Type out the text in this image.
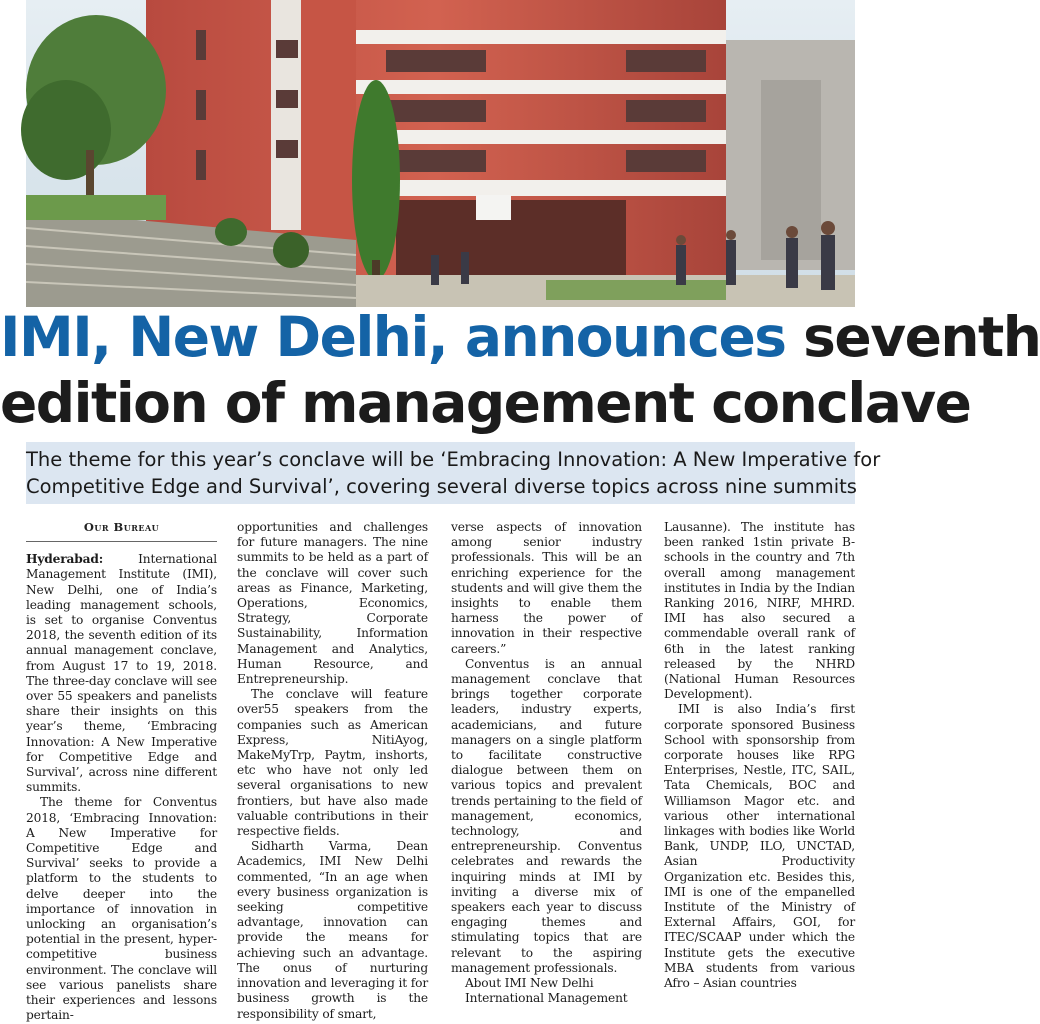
IMI, New Delhi, announces seventh
edition of management conclave
The theme for this year’s conclave will be ‘Embracing Innovation: A New Imperative for
Competitive Edge and Survival’, covering several diverse topics across nine summits
Our Bureau

Hyderabad:	International Management Institute (IMI), New Delhi, one of India’s leading management schools, is set to organise Conventus 2018, the seventh edition of its annual management conclave, from August 17 to 19, 2018. The three-day conclave will see over 55 speakers and panelists share their insights on this year’s theme, ‘Embracing Innovation: A New Imperative for Competitive Edge and Survival’, across nine different summits.

The theme for Conventus 2018, ‘Embracing Innovation: A New Imperative for Competitive Edge and Survival’ seeks to provide a platform to the students to delve deeper into the importance of innovation in unlocking an organisation’s potential in the present, hyper-competitive business environment. The conclave will see various panelists share their experiences and lessons pertain-

opportunities and challenges for future managers. The nine summits to be held as a part of the conclave will cover such areas as Finance, Marketing, Operations, Economics, Strategy, Corporate Sustainability, Information Management and Analytics, Human Resource, and Entrepreneurship.

The conclave will feature over55 speakers from the companies such as American Express, NitiAyog, MakeMyTrp, Paytm, inshorts, etc who have not only led several organisations to new frontiers, but have also made valuable contributions in their respective fields.

Sidharth Varma, Dean Academics, IMI New Delhi commented, “In an age when every business organization is seeking competitive advantage, innovation can provide the means for achieving such an advantage. The onus of nurturing innovation and leveraging it for business growth is the responsibility of smart,

verse aspects of innovation among senior industry professionals. This will be an enriching experience for the students and will give them the insights to enable them harness the power of innovation in their respective careers.”

Conventus is an annual management conclave that brings together corporate leaders, industry experts, academicians, and future managers on a single platform to facilitate constructive dialogue between them on various topics and prevalent trends pertaining to the field of management, economics, technology, and entrepreneurship. Conventus celebrates and rewards the inquiring minds at IMI by inviting a diverse mix of speakers each year to discuss engaging themes and stimulating topics that are relevant to the aspiring management professionals.

About IMI New Delhi

International Management

Lausanne). The institute has been ranked 1stin private B-schools in the country and 7th overall among management institutes in India by the Indian Ranking 2016, NIRF, MHRD. IMI has also secured a commendable overall rank of 6th in the latest ranking released by the NHRD (National Human Resources Development).

IMI is also India’s first corporate sponsored Business School with sponsorship from corporate houses like RPG Enterprises, Nestle, ITC, SAIL, Tata Chemicals, BOC and Williamson Magor etc. and various other international linkages with bodies like World Bank, UNDP, ILO, UNCTAD, Asian Productivity Organization etc. Besides this, IMI is one of the empanelled Institute of the Ministry of External Affairs, GOI, for ITEC/SCAAP under which the Institute gets the executive MBA students from various Afro – Asian countries
